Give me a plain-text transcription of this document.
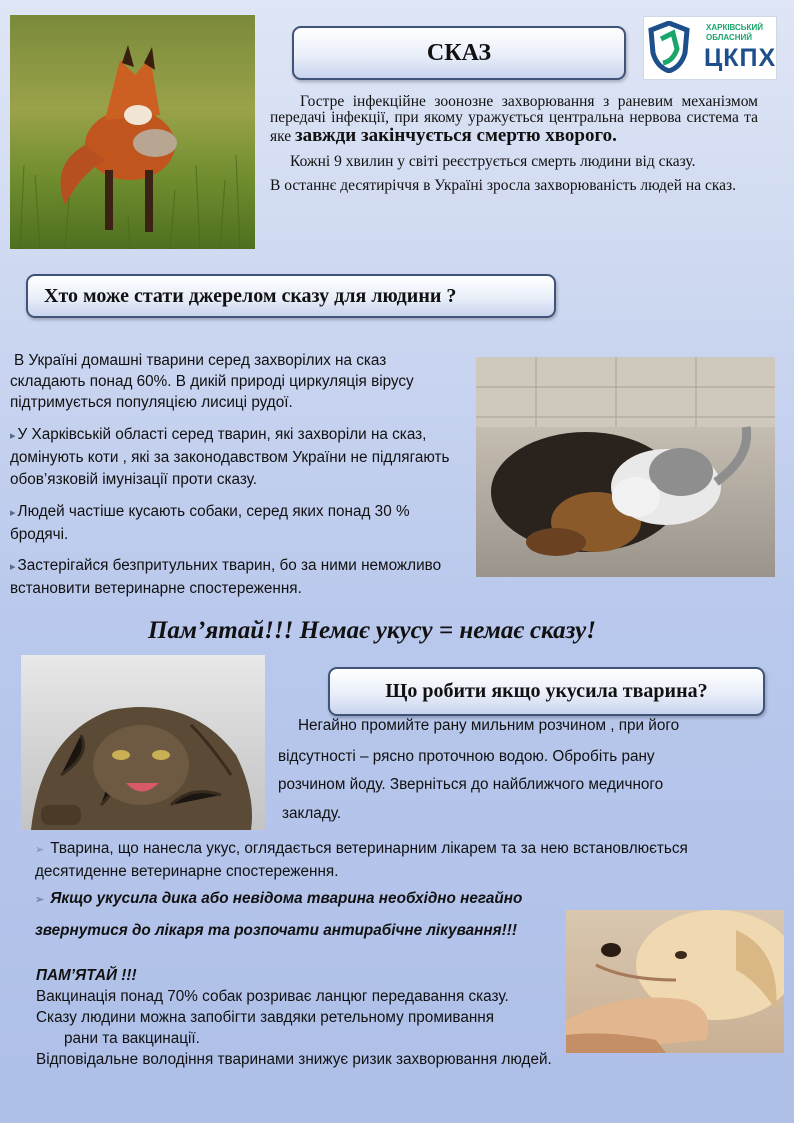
СКАЗ
ХАРКІВСЬКИЙ
ОБЛАСНИЙ
ЦКПХ

Гостре інфекційне зоонозне захворювання з раневим механізмом передачі інфекції, при якому уражується центральна нервова система та яке завжди закінчується смертю хворого.

Кожні 9 хвилин у світі реєструється смерть людини від сказу.

В останнє десятиріччя в Україні зросла захворюваність людей на сказ.

Хто може стати джерелом сказу для людини ?

В Україні домашні тварини серед захворілих на сказ складають понад 60%. В дикій природі циркуляція вірусу підтримується популяцією лисиці рудої.

▸ У Харківській області серед тварин, які захворіли на сказ, домінують коти , які за законодавством України не підлягають обов’язковій імунізації проти сказу.

▸ Людей частіше кусають собаки, серед яких понад 30 % бродячі.

▸ Застерігайся безпритульних тварин, бо за ними неможливо встановити ветеринарне спостереження.

Пам’ятай!!! Немає укусу = немає сказу!
Що робити якщо укусила тварина?

Негайно промийте рану мильним розчином , при його

відсутності – рясно проточною водою. Обробіть рану

розчином йоду. Зверніться до найближчого медичного

закладу.

➢ Тварина, що нанесла укус, оглядається ветеринарним лікарем та за нею встановлюється десятиденне ветеринарне спостереження.

➢ Якщо укусила дика або невідома тварина необхідно негайно

звернутися до лікаря та розпочати антирабічне лікування!!!

ПАМ’ЯТАЙ !!!

Вакцинація понад 70% собак розриває ланцюг передавання сказу.

Сказу людини можна запобігти завдяки ретельному промивання

рани та вакцинації.

Відповідальне володіння тваринами знижує ризик захворювання людей.
